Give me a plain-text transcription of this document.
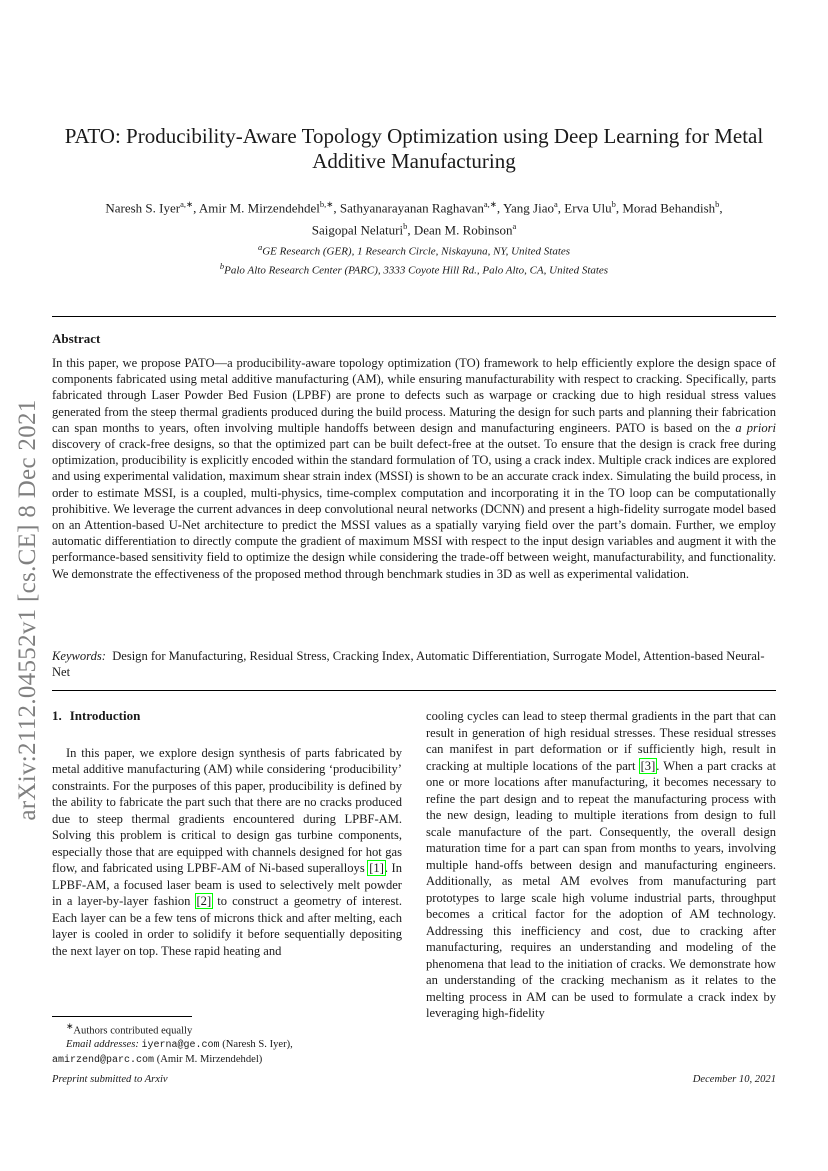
arXiv:2112.04552v1 [cs.CE] 8 Dec 2021
PATO: Producibility-Aware Topology Optimization using Deep Learning for Metal Additive Manufacturing
Naresh S. Iyer$^{a,∗}$, Amir M. Mirzendehdel$^{b,∗}$, Sathyanarayanan Raghavan$^{a,∗}$, Yang Jiao$^a$, Erva Ulu$^b$, Morad Behandish$^b$,
Saigopal Nelaturi$^b$, Dean M. Robinson$^a$
$^a$GE Research (GER), 1 Research Circle, Niskayuna, NY, United States
$^b$Palo Alto Research Center (PARC), 3333 Coyote Hill Rd., Palo Alto, CA, United States
Abstract
In this paper, we propose PATO—a producibility-aware topology optimization (TO) framework to help efficiently explore the design space of components fabricated using metal additive manufacturing (AM), while ensuring manufacturability with respect to cracking. Specifically, parts fabricated through Laser Powder Bed Fusion (LPBF) are prone to defects such as warpage or cracking due to high residual stress values generated from the steep thermal gradients produced during the build process. Maturing the design for such parts and planning their fabrication can span months to years, often involving multiple handoffs between design and manufacturing engineers. PATO is based on the a priori discovery of crack-free designs, so that the optimized part can be built defect-free at the outset. To ensure that the design is crack free during optimization, producibility is explicitly encoded within the standard formulation of TO, using a crack index. Multiple crack indices are explored and using experimental validation, maximum shear strain index (MSSI) is shown to be an accurate crack index. Simulating the build process, in order to estimate MSSI, is a coupled, multi-physics, time-complex computation and incorporating it in the TO loop can be computationally prohibitive. We leverage the current advances in deep convolutional neural networks (DCNN) and present a high-fidelity surrogate model based on an Attention-based U-Net architecture to predict the MSSI values as a spatially varying field over the part’s domain. Further, we employ automatic differentiation to directly compute the gradient of maximum MSSI with respect to the input design variables and augment it with the performance-based sensitivity field to optimize the design while considering the trade-off between weight, manufacturability, and functionality. We demonstrate the effectiveness of the proposed method through benchmark studies in 3D as well as experimental validation.
Keywords: Design for Manufacturing, Residual Stress, Cracking Index, Automatic Differentiation, Surrogate Model, Attention-based Neural-Net
1. Introduction

In this paper, we explore design synthesis of parts fabricated by metal additive manufacturing (AM) while considering ‘producibility’ constraints. For the purposes of this paper, producibility is defined by the ability to fabricate the part such that there are no cracks produced due to steep thermal gradients encountered during LPBF-AM. Solving this problem is critical to design gas turbine components, especially those that are equipped with channels designed for hot gas flow, and fabricated using LPBF-AM of Ni-based superalloys [1]. In LPBF-AM, a focused laser beam is used to selectively melt powder in a layer-by-layer fashion [2] to construct a geometry of interest. Each layer can be a few tens of microns thick and after melting, each layer is cooled in order to solidify it before sequentially depositing the next layer on top. These rapid heating and

cooling cycles can lead to steep thermal gradients in the part that can result in generation of high residual stresses. These residual stresses can manifest in part deformation or if sufficiently high, result in cracking at multiple locations of the part [3]. When a part cracks at one or more locations after manufacturing, it becomes necessary to refine the part design and to repeat the manufacturing process with the new design, leading to multiple iterations from design to full scale manufacture of the part. Consequently, the overall design maturation time for a part can span from months to years, involving multiple hand-offs between design and manufacturing engineers. Additionally, as metal AM evolves from manufacturing part prototypes to large scale high volume industrial parts, throughput becomes a critical factor for the adoption of AM technology. Addressing this inefficiency and cost, due to cracking after manufacturing, requires an understanding and modeling of the phenomena that lead to the initiation of cracks. We demonstrate how an understanding of the cracking mechanism as it relates to the melting process in AM can be used to formulate a crack index by leveraging high-fidelity

∗Authors contributed equally
Email addresses: iyerna@ge.com (Naresh S. Iyer),
amirzend@parc.com (Amir M. Mirzendehdel)
Preprint submitted to Arxiv	December 10, 2021
